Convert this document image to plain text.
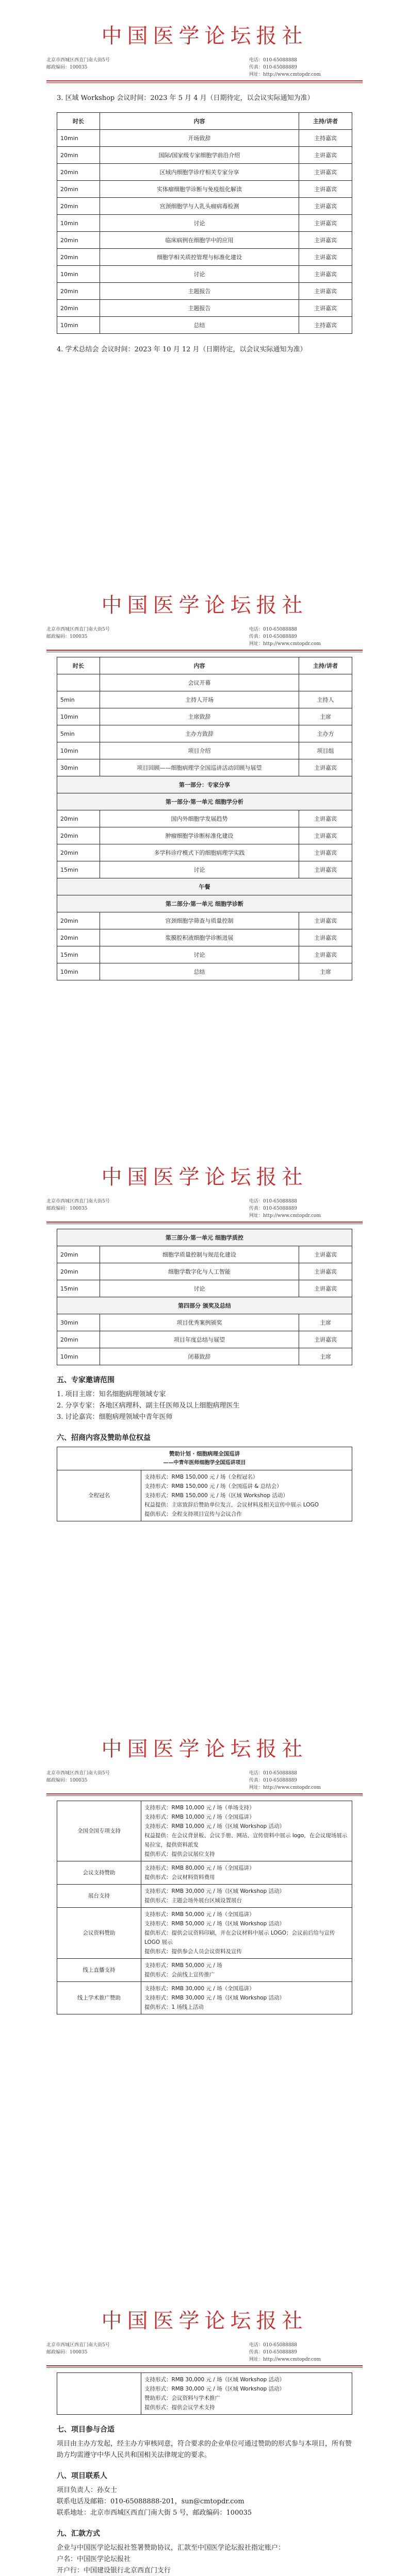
中国医学论坛报社
北京市西城区西直门南大街5号
邮政编码：100035
电话：010-65088888
传真：010-65088889
网址：http://www.cmtopdr.com

3. 区域 Workshop 会议时间：2023 年 5 月 4 月（日期待定，以会议实际通知为准）

时长	内容	主持/讲者
10min	开场致辞	主持嘉宾
20min	国际/国家级专家细胞学前沿介绍	主讲嘉宾
20min	区域内细胞学诊疗相关专家分享	主讲嘉宾
20min	实体瘤细胞学诊断与免疫组化解读	主讲嘉宾
20min	宫颈细胞学与人乳头瘤病毒检测	主讲嘉宾
10min	讨论	主讲嘉宾
20min	临床病例在细胞学中的应用	主讲嘉宾
20min	细胞学相关质控管理与标准化建设	主讲嘉宾
10min	讨论	主讲嘉宾
20min	主题报告	主讲嘉宾
20min	主题报告	主讲嘉宾
10min	总结	主持嘉宾

4. 学术总结会 会议时间：2023 年 10 月 12 月（日期待定，以会议实际通知为准）

中国医学论坛报社
北京市西城区西直门南大街5号
邮政编码：100035
电话：010-65088888
传真：010-65088889
网址：http://www.cmtopdr.com
时长	内容	主持/讲者
	会议开幕	
5min	主持人开场	主持人
10min	主席致辞	主席
5min	主办方致辞	主办方
10min	项目介绍	项目组
30min	项目回顾——细胞病理学全国巡讲活动回顾与展望	主讲嘉宾
第一部分：专家分享		
第一部分·第一单元 细胞学分析		
20min	国内外细胞学发展趋势	主讲嘉宾
20min	肿瘤细胞学诊断标准化建设	主讲嘉宾
20min	多学科诊疗模式下的细胞病理学实践	主讲嘉宾
15min	讨论	主讲嘉宾
午餐		
第二部分·第一单元 细胞学诊断		
20min	宫颈细胞学筛查与质量控制	主讲嘉宾
20min	浆膜腔积液细胞学诊断进展	主讲嘉宾
15min	讨论	主讲嘉宾
10min	总结	主席
中国医学论坛报社
北京市西城区西直门南大街5号
邮政编码：100035
电话：010-65088888
传真：010-65088889
网址：http://www.cmtopdr.com
第三部分·第一单元 细胞学质控		
20min	细胞学质量控制与规范化建设	主讲嘉宾
20min	细胞学数字化与人工智能	主讲嘉宾
15min	讨论	主讲嘉宾
第四部分 颁奖及总结		
30min	项目优秀案例颁奖	主席
20min	项目年度总结与展望	主讲嘉宾
10min	闭幕致辞	主席
五、专家邀请范围

1. 项目主席：知名细胞病理领域专家

2. 分享专家：各地区病理科、副主任医师及以上细胞病理医生

3. 讨论嘉宾：细胞病理领域中青年医师

六、招商内容及赞助单位权益
赞助计划 · 细胞病理全国巡讲
——中青年医师细胞学全国巡讲项目

全程冠名	
支持形式：RMB 150,000 元 / 场（全程冠名）
支持形式：RMB 150,000 元 / 场（全国巡讲 & 总结会）
支持形式：RMB 150,000 元 / 场（区域 Workshop 活动）
权益提供：主席致辞后赞助单位发言，会议材料及相关宣传中展示 LOGO
提供形式：全程支持项目宣传与会议合作
中国医学论坛报社
北京市西城区西直门南大街5号
邮政编码：100035
电话：010-65088888
传真：010-65088889
网址：http://www.cmtopdr.com
全国全国专项支持	支持形式：RMB 10,000 元 / 场（单场支持）
支持形式：RMB 10,000 元 / 场（全国巡讲）
支持形式：RMB 10,000 元 / 场（区域 Workshop 活动）
权益提供：在会议背景板、会议手册、网站、宣传资料中展示 logo，在会议现场展示易拉宝，提供资料派发
提供形式：提供会议展位支持

会议支持赞助	支持形式：RMB 80,000 元 / 场（全国巡讲）
提供形式：会议材料资料费用

展台支持	支持形式：RMB 30,000 元 / 场（区域 Workshop 活动）
提供形式：主题会场外展台区域设置展台

会议资料赞助	支持形式：RMB 50,000 元 / 场（全国巡讲）
支持形式：RMB 50,000 元 / 场（区域 Workshop 活动）
提供形式：提供会议资料印刷，并在会议材料中展示 LOGO；会议前后给与宣传 LOGO 展示
提供形式：提供参会人员会议资料及宣传

线上直播支持	支持形式：RMB 50,000 元 / 场
提供形式：会前线上宣传推广

线上学术推广赞助	支持形式：RMB 30,000 元 / 场（全国巡讲）
支持形式：RMB 30,000 元 / 场（区域 Workshop 活动）
提供形式：1 场线上活动
中国医学论坛报社
北京市西城区西直门南大街5号
邮政编码：100035
电话：010-65088888
传真：010-65088889
网址：http://www.cmtopdr.com

支持形式：RMB 30,000 元 / 场（区域 Workshop 活动）
支持形式：RMB 30,000 元 / 场（区域 Workshop 活动）
赞助形式：会议资料与学术推广
提供形式：提供会议学术支持
七、项目参与合适

项目由主办方发起，经主办方审核同意，符合要求的企业单位可通过赞助的形式参与本项目，所有赞助方均需遵守中华人民共和国相关法律规定的要求。

八、项目联系人

项目负责人：孙女士

联系电话及邮箱：010-65088888-201，sun@cmtopdr.com

联系地址：北京市西城区西直门南大街 5 号，邮政编码：100035

九、汇款方式

企业与中国医学论坛报社签署赞助协议，汇款至中国医学论坛报社指定账户：

户名：中国医学论坛报社

开户行：中国建设银行北京西直门支行
